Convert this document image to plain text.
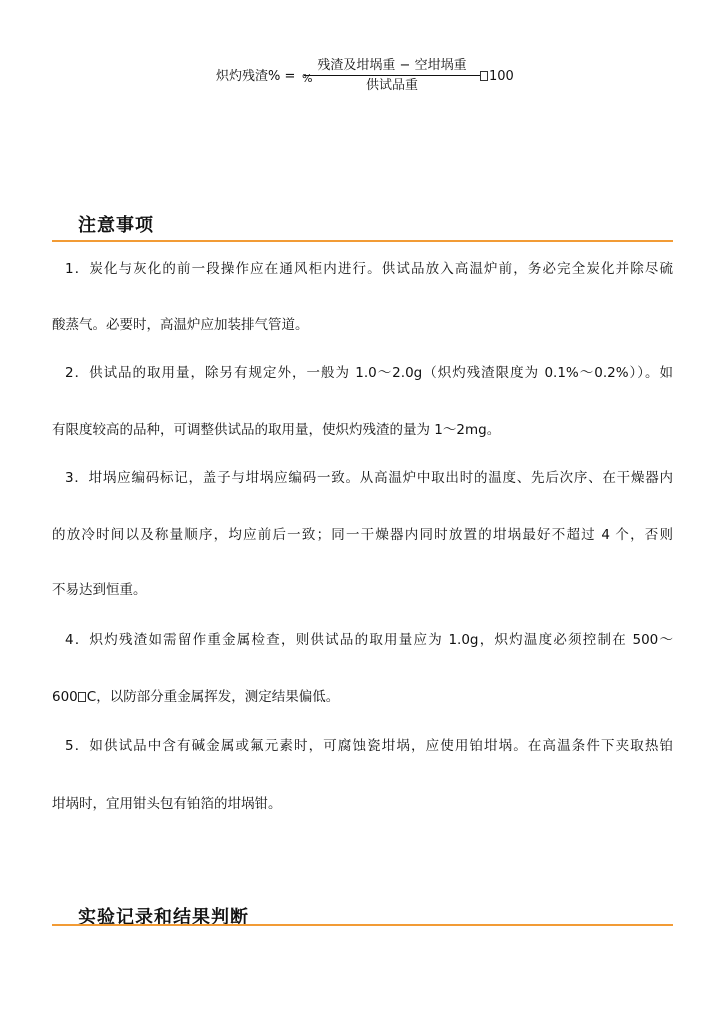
炽灼残渣% = %
残渣及坩埚重 − 空坩埚重
供试品重
100
注意事项
1．炭化与灰化的前一段操作应在通风柜内进行。供试品放入高温炉前，务必完全炭化并除尽硫
酸蒸气。必要时，高温炉应加装排气管道。
2．供试品的取用量，除另有规定外，一般为 1.0～2.0g（炽灼残渣限度为 0.1%～0.2%））。如
有限度较高的品种，可调整供试品的取用量，使炽灼残渣的量为 1～2mg。
3．坩埚应编码标记，盖子与坩埚应编码一致。从高温炉中取出时的温度、先后次序、在干燥器内
的放冷时间以及称量顺序，均应前后一致；同一干燥器内同时放置的坩埚最好不超过 4 个，否则
不易达到恒重。
4．炽灼残渣如需留作重金属检查，则供试品的取用量应为 1.0g，炽灼温度必须控制在 500～
600 C，以防部分重金属挥发，测定结果偏低。
5．如供试品中含有碱金属或氟元素时，可腐蚀瓷坩埚，应使用铂坩埚。在高温条件下夹取热铂
坩埚时，宜用钳头包有铂箔的坩埚钳。
实验记录和结果判断
